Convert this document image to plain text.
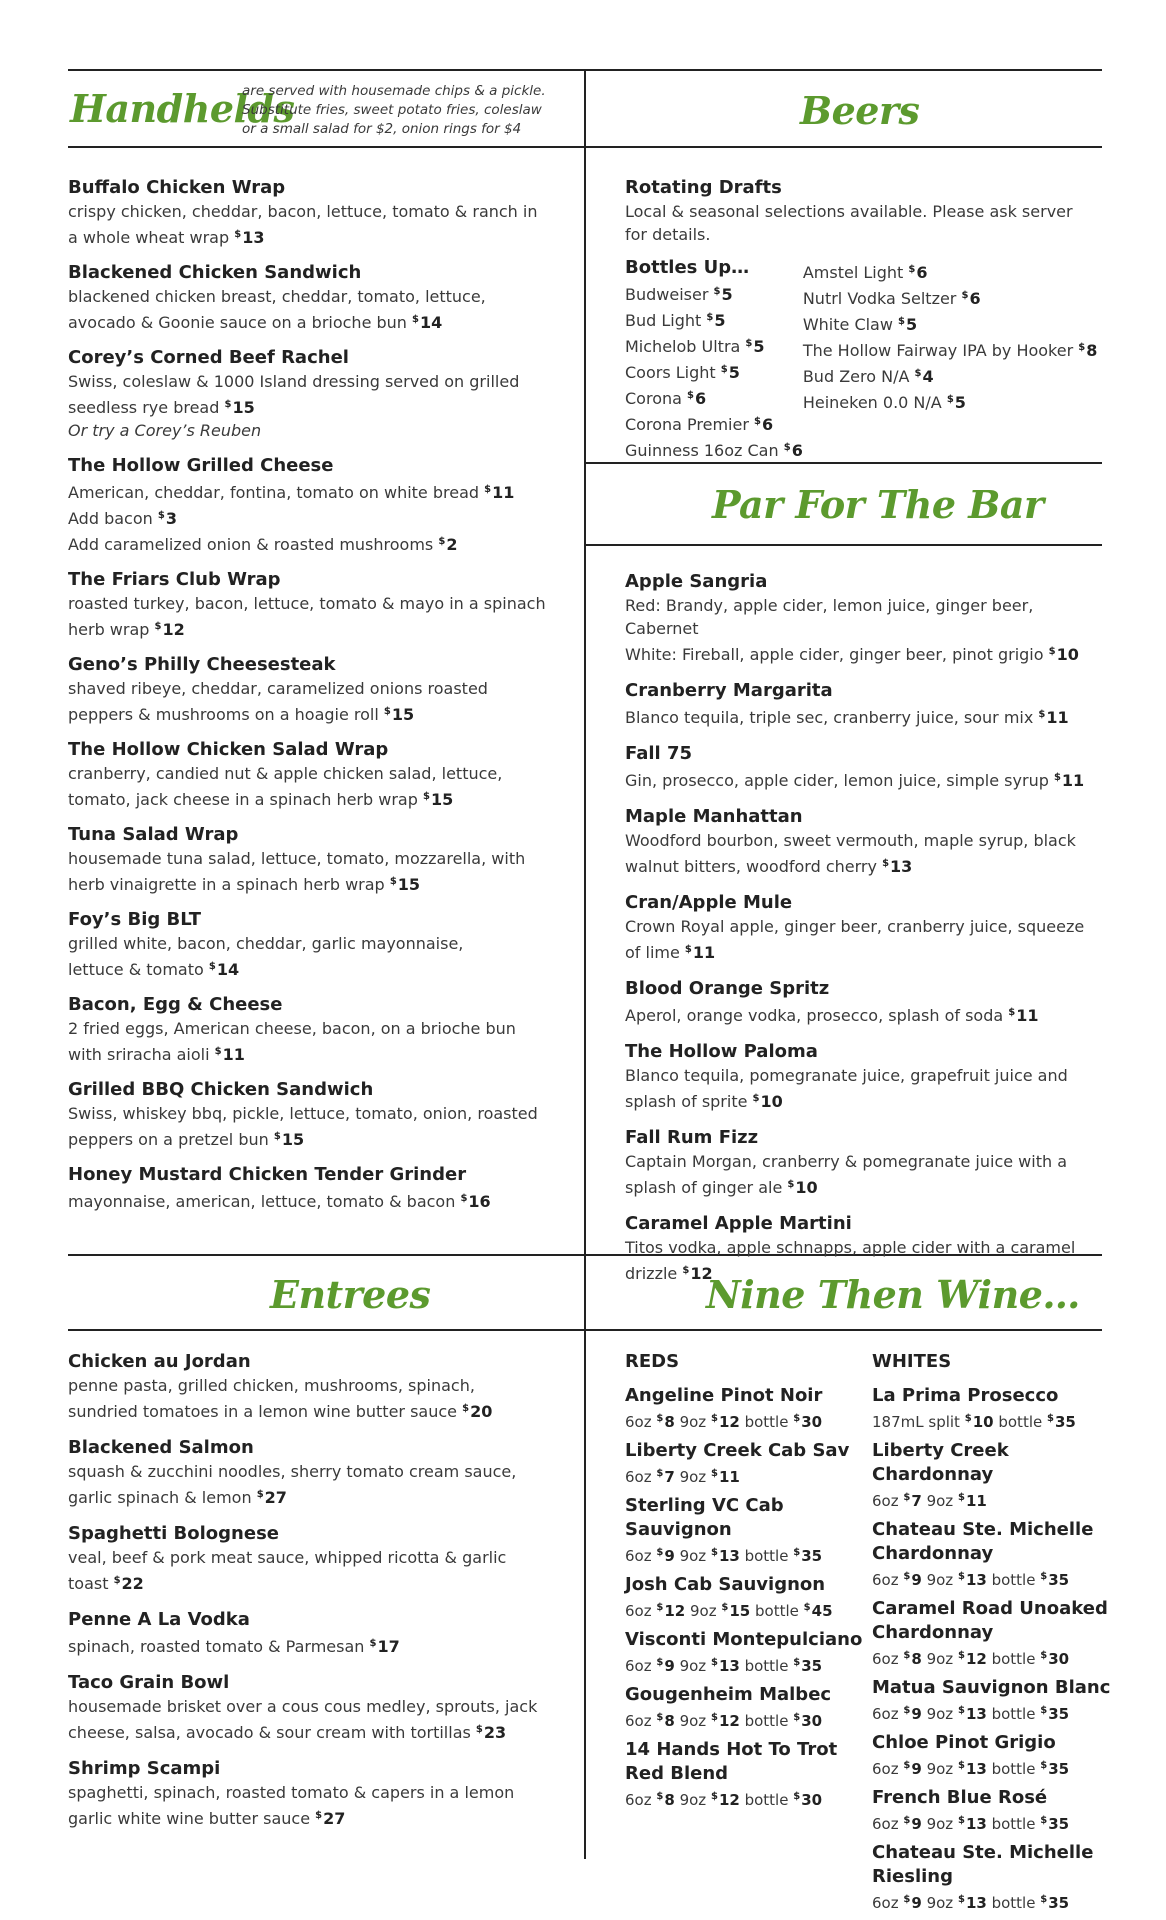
Handhelds
are served with housemade chips & a pickle.
Substitute fries, sweet potato fries, coleslaw
or a small salad for $2, onion rings for $4	Beers
Par For The Bar
Entrees	Nine Then Wine…
Buffalo Chicken Wrap
crispy chicken, cheddar, bacon, lettuce, tomato & ranch in
a whole wheat wrap $13
Blackened Chicken Sandwich
blackened chicken breast, cheddar, tomato, lettuce,
avocado & Goonie sauce on a brioche bun $14
Corey’s Corned Beef Rachel
Swiss, coleslaw & 1000 Island dressing served on grilled
seedless rye bread $15
Or try a Corey’s Reuben
The Hollow Grilled Cheese
American, cheddar, fontina, tomato on white bread $11
Add bacon $3
Add caramelized onion & roasted mushrooms $2
The Friars Club Wrap
roasted turkey, bacon, lettuce, tomato & mayo in a spinach
herb wrap $12
Geno’s Philly Cheesesteak
shaved ribeye, cheddar, caramelized onions roasted
peppers & mushrooms on a hoagie roll $15
The Hollow Chicken Salad Wrap
cranberry, candied nut & apple chicken salad, lettuce,
tomato, jack cheese in a spinach herb wrap $15
Tuna Salad Wrap
housemade tuna salad, lettuce, tomato, mozzarella, with
herb vinaigrette in a spinach herb wrap $15
Foy’s Big BLT
grilled white, bacon, cheddar, garlic mayonnaise,
lettuce & tomato $14
Bacon, Egg & Cheese
2 fried eggs, American cheese, bacon, on a brioche bun
with sriracha aioli $11
Grilled BBQ Chicken Sandwich
Swiss, whiskey bbq, pickle, lettuce, tomato, onion, roasted
peppers on a pretzel bun $15
Honey Mustard Chicken Tender Grinder
mayonnaise, american, lettuce, tomato & bacon $16
Rotating Drafts
Local & seasonal selections available. Please ask server
for details.
Bottles Up…
Budweiser $5
Bud Light $5
Michelob Ultra $5
Coors Light $5
Corona $6
Corona Premier $6
Guinness 16oz Can $6
Amstel Light $6
Nutrl Vodka Seltzer $6
White Claw $5
The Hollow Fairway IPA by Hooker $8
Bud Zero N/A $4
Heineken 0.0 N/A $5
Apple Sangria
Red: Brandy, apple cider, lemon juice, ginger beer, Cabernet
White: Fireball, apple cider, ginger beer, pinot grigio $10
Cranberry Margarita
Blanco tequila, triple sec, cranberry juice, sour mix $11
Fall 75
Gin, prosecco, apple cider, lemon juice, simple syrup $11
Maple Manhattan
Woodford bourbon, sweet vermouth, maple syrup, black
walnut bitters, woodford cherry $13
Cran/Apple Mule
Crown Royal apple, ginger beer, cranberry juice, squeeze
of lime $11
Blood Orange Spritz
Aperol, orange vodka, prosecco, splash of soda $11
The Hollow Paloma
Blanco tequila, pomegranate juice, grapefruit juice and
splash of sprite $10
Fall Rum Fizz
Captain Morgan, cranberry & pomegranate juice with a
splash of ginger ale $10
Caramel Apple Martini
Titos vodka, apple schnapps, apple cider with a caramel drizzle $12
Chicken au Jordan
penne pasta, grilled chicken, mushrooms, spinach,
sundried tomatoes in a lemon wine butter sauce $20
Blackened Salmon
squash & zucchini noodles, sherry tomato cream sauce,
garlic spinach & lemon $27
Spaghetti Bolognese
veal, beef & pork meat sauce, whipped ricotta & garlic
toast $22
Penne A La Vodka
spinach, roasted tomato & Parmesan $17
Taco Grain Bowl
housemade brisket over a cous cous medley, sprouts, jack
cheese, salsa, avocado & sour cream with tortillas $23
Shrimp Scampi
spaghetti, spinach, roasted tomato & capers in a lemon
garlic white wine butter sauce $27
REDS
Angeline Pinot Noir
6oz $8 9oz $12 bottle $30
Liberty Creek Cab Sav
6oz $7 9oz $11
Sterling VC Cab Sauvignon
6oz $9 9oz $13 bottle $35
Josh Cab Sauvignon
6oz $12 9oz $15 bottle $45
Visconti Montepulciano
6oz $9 9oz $13 bottle $35
Gougenheim Malbec
6oz $8 9oz $12 bottle $30
14 Hands Hot To Trot Red Blend
6oz $8 9oz $12 bottle $30
WHITES
La Prima Prosecco
187mL split $10 bottle $35
Liberty Creek Chardonnay
6oz $7 9oz $11
Chateau Ste. Michelle Chardonnay
6oz $9 9oz $13 bottle $35
Caramel Road Unoaked Chardonnay
6oz $8 9oz $12 bottle $30
Matua Sauvignon Blanc
6oz $9 9oz $13 bottle $35
Chloe Pinot Grigio
6oz $9 9oz $13 bottle $35
French Blue Rosé
6oz $9 9oz $13 bottle $35
Chateau Ste. Michelle Riesling
6oz $9 9oz $13 bottle $35
